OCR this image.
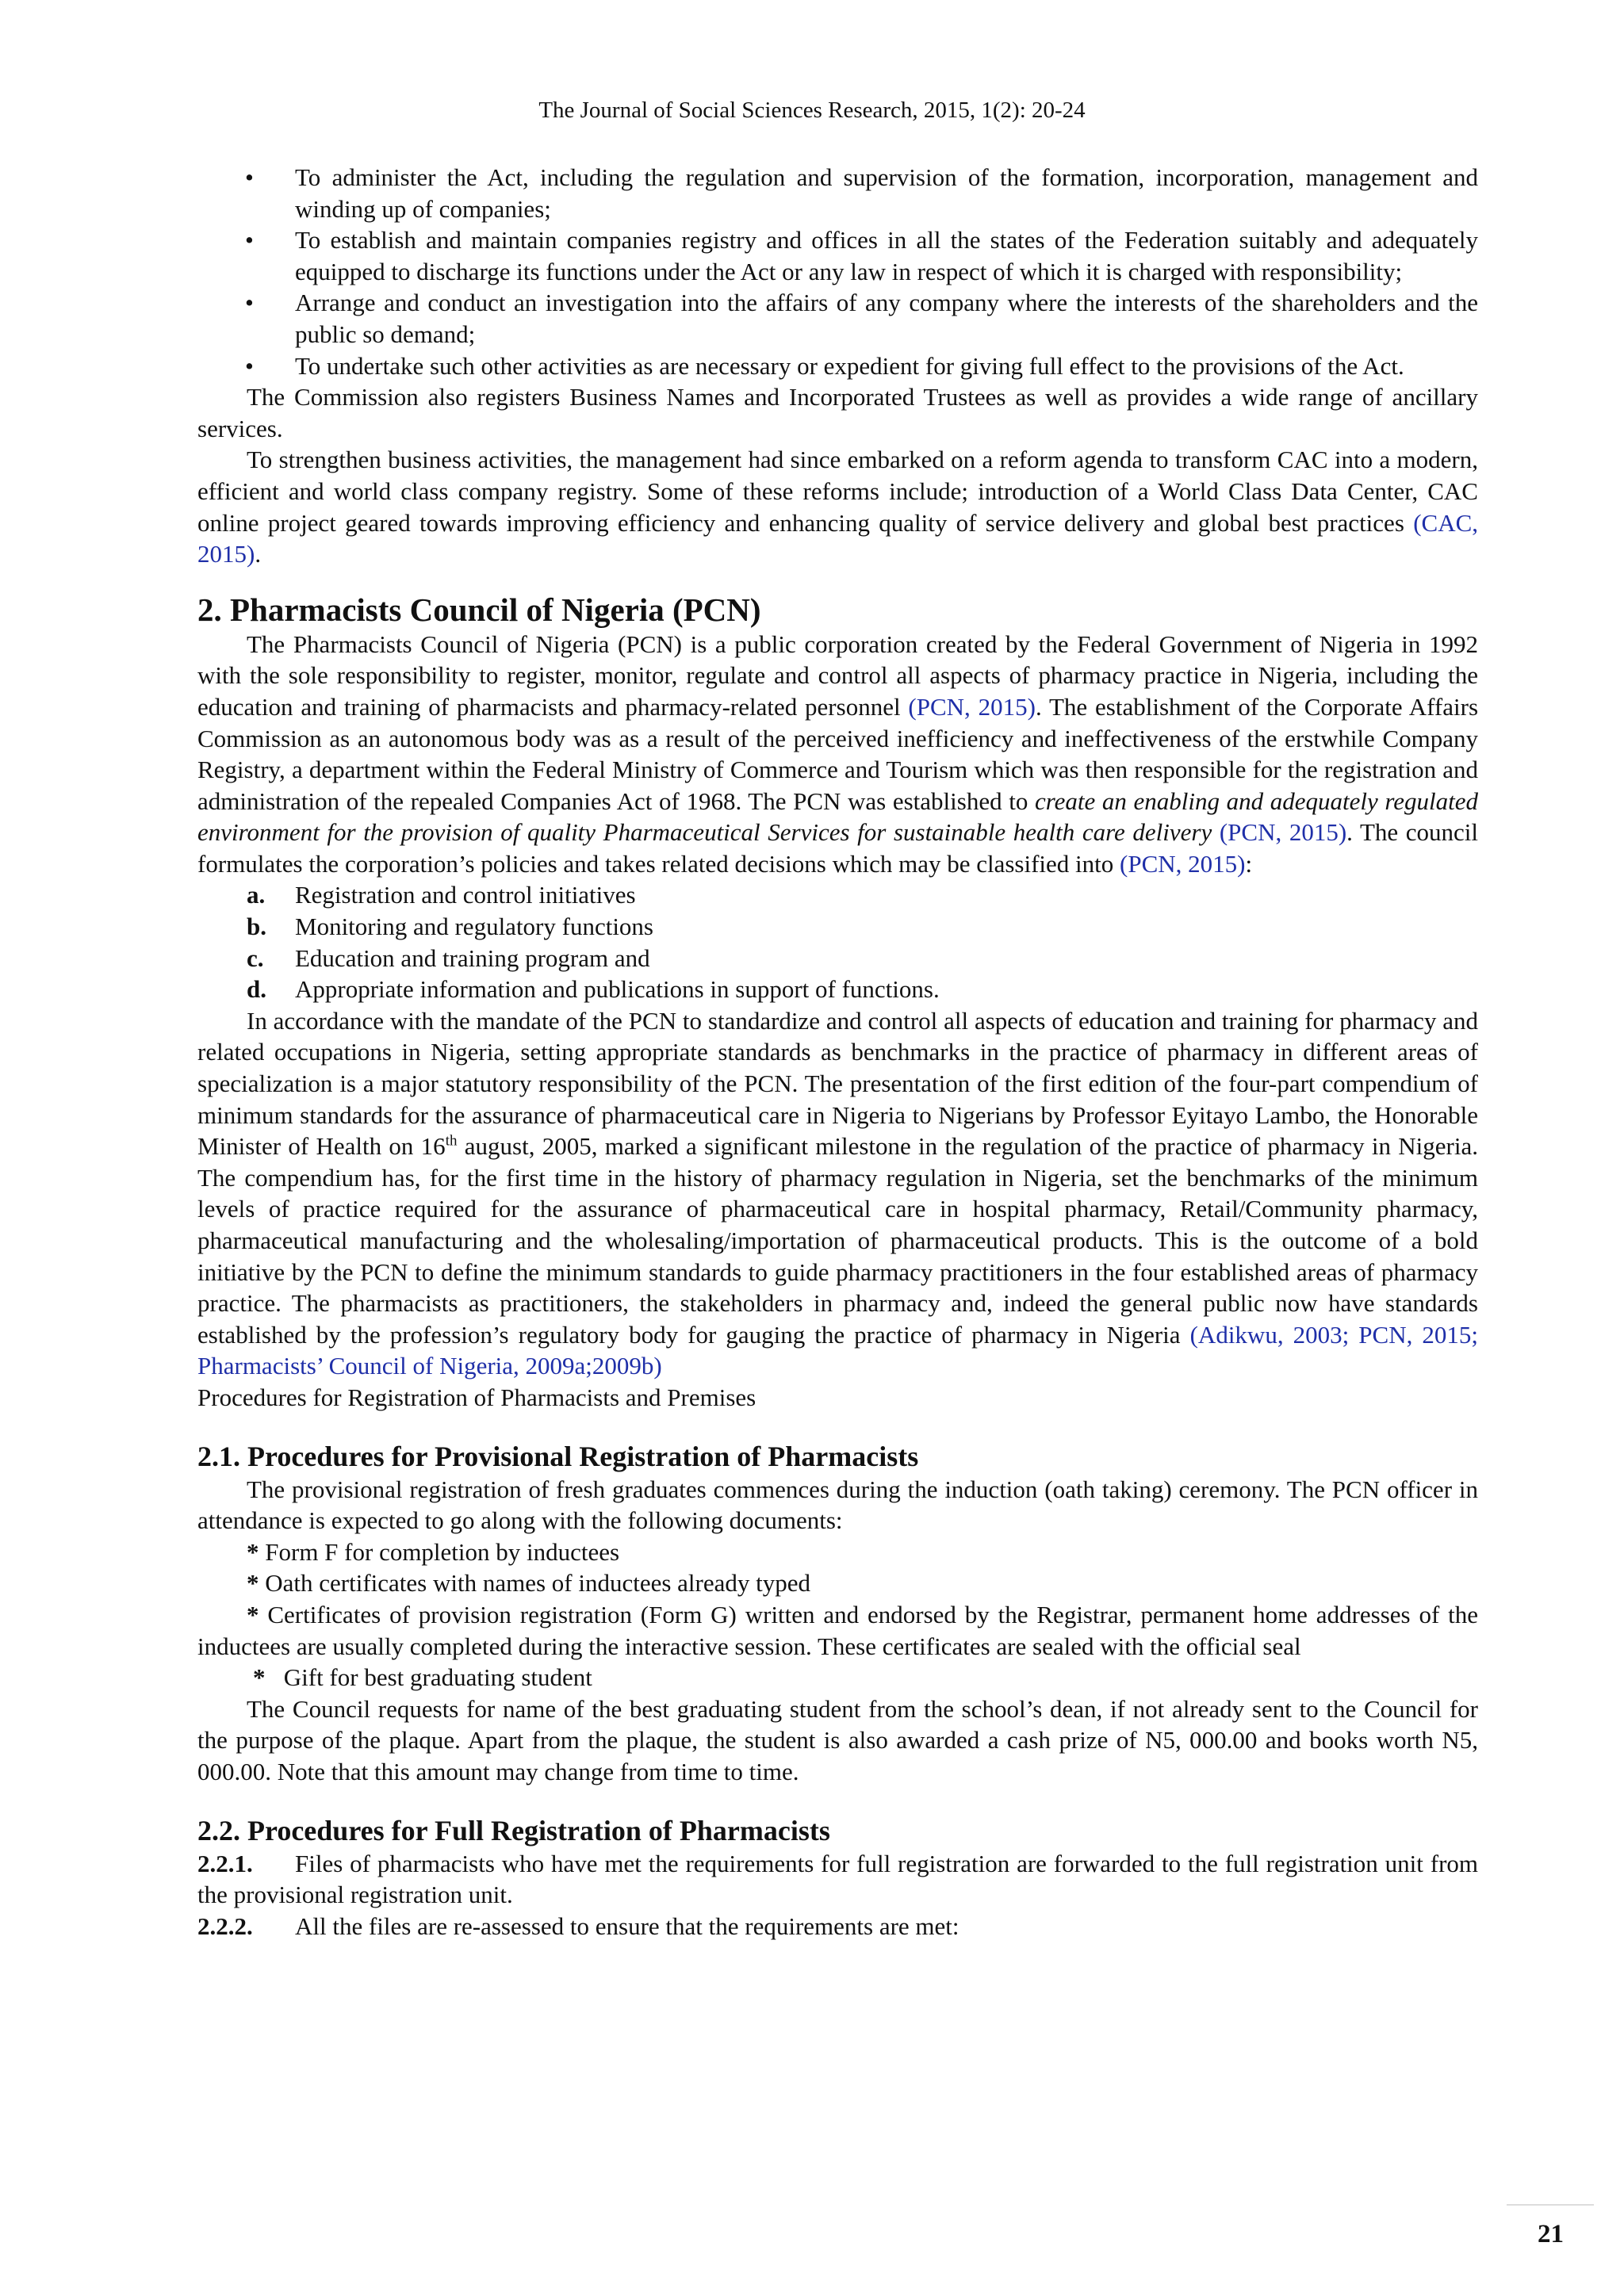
The Journal of Social Sciences Research, 2015, 1(2): 20-24
• To administer the Act, including the regulation and supervision of the formation, incorporation, management and winding up of companies;
• To establish and maintain companies registry and offices in all the states of the Federation suitably and adequately equipped to discharge its functions under the Act or any law in respect of which it is charged with responsibility;
• Arrange and conduct an investigation into the affairs of any company where the interests of the shareholders and the public so demand;
• To undertake such other activities as are necessary or expedient for giving full effect to the provisions of the Act.

The Commission also registers Business Names and Incorporated Trustees as well as provides a wide range of ancillary services.

To strengthen business activities, the management had since embarked on a reform agenda to transform CAC into a modern, efficient and world class company registry. Some of these reforms include; introduction of a World Class Data Center, CAC online project geared towards improving efficiency and enhancing quality of service delivery and global best practices (CAC, 2015).

2. Pharmacists Council of Nigeria (PCN)

The Pharmacists Council of Nigeria (PCN) is a public corporation created by the Federal Government of Nigeria in 1992 with the sole responsibility to register, monitor, regulate and control all aspects of pharmacy practice in Nigeria, including the education and training of pharmacists and pharmacy-related personnel (PCN, 2015). The establishment of the Corporate Affairs Commission as an autonomous body was as a result of the perceived inefficiency and ineffectiveness of the erstwhile Company Registry, a department within the Federal Ministry of Commerce and Tourism which was then responsible for the registration and administration of the repealed Companies Act of 1968. The PCN was established to create an enabling and adequately regulated environment for the provision of quality Pharmaceutical Services for sustainable health care delivery (PCN, 2015). The council formulates the corporation’s policies and takes related decisions which may be classified into (PCN, 2015):

a. Registration and control initiatives
b. Monitoring and regulatory functions
c. Education and training program and
d. Appropriate information and publications in support of functions.

In accordance with the mandate of the PCN to standardize and control all aspects of education and training for pharmacy and related occupations in Nigeria, setting appropriate standards as benchmarks in the practice of pharmacy in different areas of specialization is a major statutory responsibility of the PCN. The presentation of the first edition of the four-part compendium of minimum standards for the assurance of pharmaceutical care in Nigeria to Nigerians by Professor Eyitayo Lambo, the Honorable Minister of Health on 16th august, 2005, marked a significant milestone in the regulation of the practice of pharmacy in Nigeria. The compendium has, for the first time in the history of pharmacy regulation in Nigeria, set the benchmarks of the minimum levels of practice required for the assurance of pharmaceutical care in hospital pharmacy, Retail/Community pharmacy, pharmaceutical manufacturing and the wholesaling/importation of pharmaceutical products. This is the outcome of a bold initiative by the PCN to define the minimum standards to guide pharmacy practitioners in the four established areas of pharmacy practice. The pharmacists as practitioners, the stakeholders in pharmacy and, indeed the general public now have standards established by the profession’s regulatory body for gauging the practice of pharmacy in Nigeria (Adikwu, 2003; PCN, 2015; Pharmacists’ Council of Nigeria, 2009a;2009b)

Procedures for Registration of Pharmacists and Premises

2.1. Procedures for Provisional Registration of Pharmacists

The provisional registration of fresh graduates commences during the induction (oath taking) ceremony. The PCN officer in attendance is expected to go along with the following documents:

* Form F for completion by inductees

* Oath certificates with names of inductees already typed

* Certificates of provision registration (Form G) written and endorsed by the Registrar, permanent home addresses of the inductees are usually completed during the interactive session. These certificates are sealed with the official seal

* Gift for best graduating student

The Council requests for name of the best graduating student from the school’s dean, if not already sent to the Council for the purpose of the plaque. Apart from the plaque, the student is also awarded a cash prize of N5, 000.00 and books worth N5, 000.00. Note that this amount may change from time to time.

2.2. Procedures for Full Registration of Pharmacists

2.2.1. Files of pharmacists who have met the requirements for full registration are forwarded to the full registration unit from the provisional registration unit.

2.2.2. All the files are re-assessed to ensure that the requirements are met:

21
